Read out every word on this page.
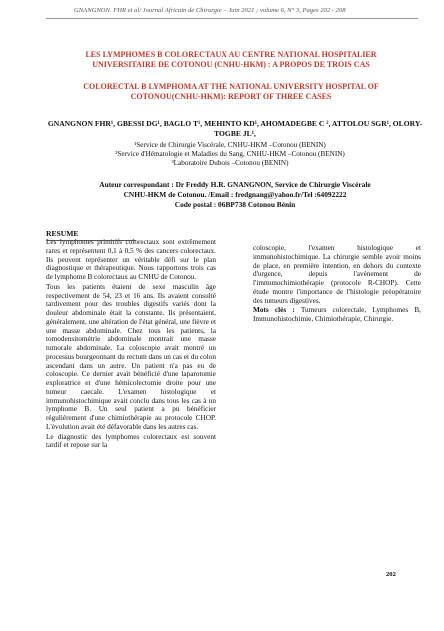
GNANGNON. FHR et al/ Journal Africain de Chirurgie – Juin 2021 ; volume 6, N° 3, Pages 202 - 208
LES LYMPHOMES B COLORECTAUX AU CENTRE NATIONAL HOSPITALIER UNIVERSITAIRE DE COTONOU (CNHU-HKM) : A PROPOS DE TROIS CAS
COLORECTAL B LYMPHOMA AT THE NATIONAL UNIVERSITY HOSPITAL OF COTONOU(CNHU-HKM): REPORT OF THREE CASES
GNANGNON FHR¹, GBESSI DG¹, BAGLO T¹, MEHINTO KD¹, AHOMADEGBE C ², ATTOLOU SGR¹, OLORY-TOGBE JL¹,
¹Service de Chirurgie Viscérale, CNHU-HKM –Cotonou (BENIN)
²Service d'Hématologie et Maladies du Sang, CNHU-HKM –Cotonou (BENIN)
³Laboratoire Dubois –Cotonou (BENIN)
Auteur correspondant : Dr Freddy H.R. GNANGNON, Service de Chirurgie Viscérale
CNHU-HKM de Cotonou. /Email : fredgnang@yahoo.fr/Tel :64092222
Code postal : 06BP738 Cotonou Bénin
RESUME

Les lymphomes primitifs colorectaux sont extrêmement rares et représentent 0,1 à 0,5 % des cancers colorectaux. Ils peuvent représenter un véritable défi sur le plan diagnostique et thérapeutique. Nous rapportons trois cas de lymphome B colorectaux au CNHU de Cotonou.

Tous les patients étaient de sexe masculin âge respectivement de 54, 23 et 16 ans. Ils avaient consulté tardivement pour des troubles digestifs variés dont la douleur abdominale était la constante. Ils présentaient, généralement, une altération de l'état général, une fièvre et une masse abdominale. Chez tous les patients, la tomodensitométrie abdominale montrait une masse tumorale abdominale. La coloscopie avait montré un processus bourgeonnant du rectum dans un cas et du colon ascendant dans un autre. Un patient n'a pas eu de coloscopie. Ce dernier avait bénéficié d'une laparotomie exploratrice et d'une hémicolectomie droite pour une tumeur caecale. L'examen histologique et immunohistochimique avait conclu dans tous les cas à un lymphome B. Un seul patient a pu bénéficier régulièrement d'une chimiothérapie au protocole CHOP. L'évolution avait été défavorable dans les autres cas.

Le diagnostic des lymphomes colorectaux est souvent tardif et repose sur la

coloscopie, l'examen histologique et immunohistochimique. La chirurgie semble avoir moins de place, en première intention, en dehors du contexte d'urgence, depuis l'avènement de l'immunochimiothérapie (protocole R-CHOP). Cette étude montre l'importance de l'histologie préopératoire des tumeurs digestives.

Mots clés : Tumeurs colorectale, Lymphomes B, Immunohistochimie, Chimiothérapie, Chirurgie.

202
